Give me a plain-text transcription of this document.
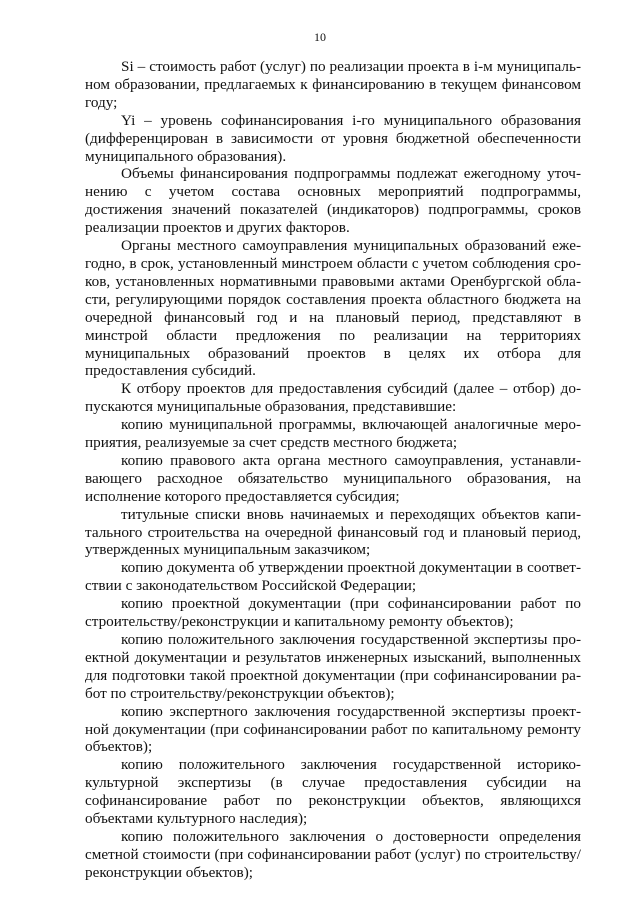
10

Si – стоимость работ (услуг) по реализации проекта в i-м муниципальном образовании, предлагаемых к финансированию в текущем финансовом году;

Yi – уровень софинансирования i-го муниципального образования (дифференцирован в зависимости от уровня бюджетной обеспеченности муниципального образования).

Объемы финансирования подпрограммы подлежат ежегодному уточнению с учетом состава основных мероприятий подпрограммы, достижения значений показателей (индикаторов) подпрограммы, сроков реализации проектов и других факторов.

Органы местного самоуправления муниципальных образований ежегодно, в срок, установленный минстроем области с учетом соблюдения сроков, установленных нормативными правовыми актами Оренбургской области, регулирующими порядок составления проекта областного бюджета на очередной финансовый год и на плановый период, представляют в минстрой области предложения по реализации на территориях муниципальных образований проектов в целях их отбора для предоставления субсидий.

К отбору проектов для предоставления субсидий (далее – отбор) допускаются муниципальные образования, представившие:

копию муниципальной программы, включающей аналогичные мероприятия, реализуемые за счет средств местного бюджета;

копию правового акта органа местного самоуправления, устанавливающего расходное обязательство муниципального образования, на исполнение которого предоставляется субсидия;

титульные списки вновь начинаемых и переходящих объектов капитального строительства на очередной финансовый год и плановый период, утвержденных муниципальным заказчиком;

копию документа об утверждении проектной документации в соответствии с законодательством Российской Федерации;

копию проектной документации (при софинансировании работ по строительству/реконструкции и капитальному ремонту объектов);

копию положительного заключения государственной экспертизы проектной документации и результатов инженерных изысканий, выполненных для подготовки такой проектной документации (при софинансировании работ по строительству/реконструкции объектов);

копию экспертного заключения государственной экспертизы проектной документации (при софинансировании работ по капитальному ремонту объектов);

копию положительного заключения государственной историко-культурной экспертизы (в случае предоставления субсидии на софинансирование работ по реконструкции объектов, являющихся объектами культурного наследия);

копию положительного заключения о достоверности определения сметной стоимости (при софинансировании работ (услуг) по строительству/реконструкции объектов);
